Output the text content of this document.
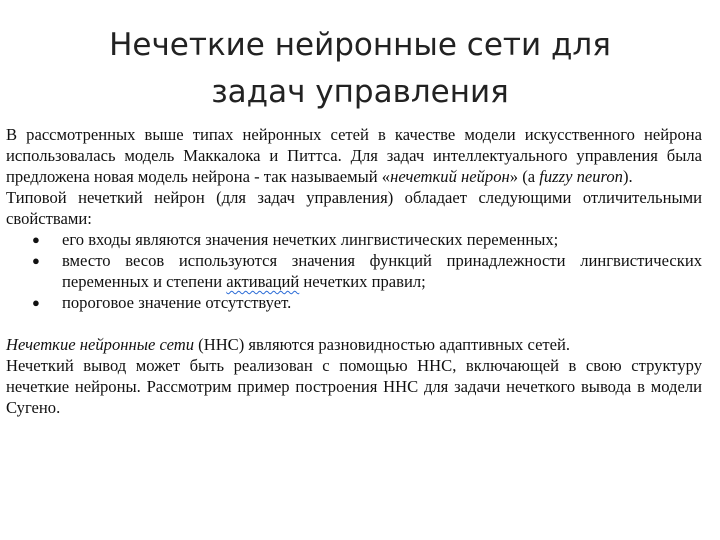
Нечеткие нейронные сети для
задач управления

В рассмотренных выше типах нейронных сетей в качестве модели искусственного нейрона использовалась модель Маккалока и Питтса. Для задач интеллектуального управления была предложена новая модель нейрона - так называемый «нечеткий нейрон» (а fuzzy neuron).

Типовой нечеткий нейрон (для задач управления) обладает следующими отличительными свойствами:

● его входы являются значения нечетких лингвистических переменных;
● вместо весов используются значения функций принадлежности лингвистических переменных и степени активаций нечетких правил;
● пороговое значение отсутствует.

Нечеткие нейронные сети (ННС) являются разновидностью адаптивных сетей.

Нечеткий вывод может быть реализован с помощью ННС, включающей в свою структуру нечеткие нейроны. Рассмотрим пример построения ННС для задачи нечеткого вывода в модели Сугено.
